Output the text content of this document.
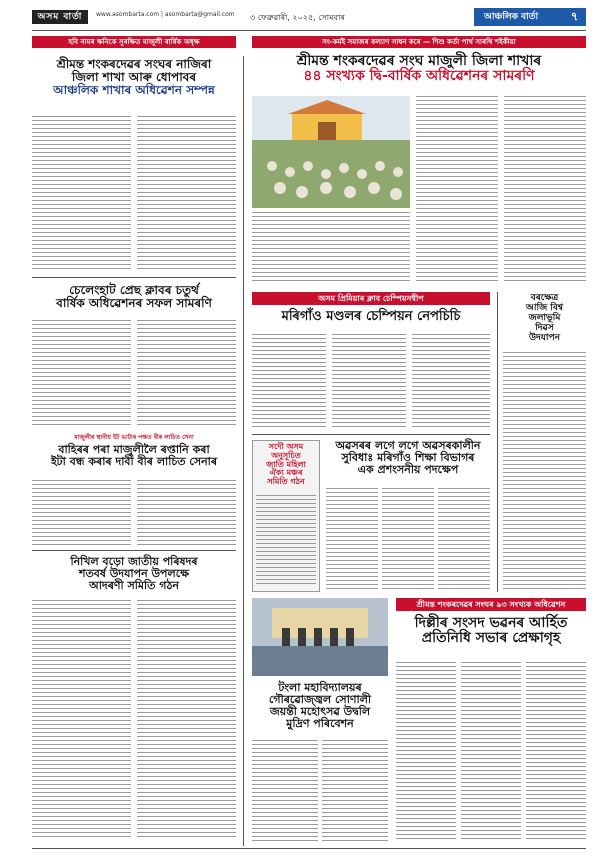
অসম বাৰ্তা	www.asombarta.com | asombarta@gmail.com ৩ ফেব্ৰুৱাৰী, ২০২৫, সোমবাৰ	আঞ্চলিক বাৰ্তা	৭
হবি নামৰ ক্ষনিকে সুৰক্ষিত মাজুলী ৰাৰ্ষিক অধৃক্ষ	সং-কৰ্মই সমাজৰ কল্যাণ সাধন কৰে — শিশু কৰ্তা পাৰ্থ সাৰথি শইকীয়া
শ্ৰীমন্ত শংকৰদেৱৰ সংঘৰ নাজিৰা
জিলা শাখা আৰু ধোপাবৰ
আঞ্চলিক শাখাৰ অধিৱেশন সম্পন্ন
চেলেংহাট প্ৰেছ ক্লাবৰ চতুৰ্থ
বাৰ্ষিক অধিৱেশনৰ সফল সামৰণি
মাজুলীৰ স্থানীয় ইট ভাটাৰ পক্ষত বীৰ লাচিত সেনা
বাহিৰৰ পৰা মাজুলীলৈ ৰপ্তানি কৰা
ইটা বন্ধ কৰাৰ দাবী বীৰ লাচিত সেনাৰ
নিখিল বড়ো জাতীয় পৰিষদৰ
শতবৰ্ষ উদযাপন উপলক্ষে
আদৰণী সমিতি গঠন
শ্ৰীমন্ত শংকৰদেৱৰ সংঘ মাজুলী জিলা শাখাৰ
৪৪ সংখ্যক দ্বি-বাৰ্ষিক অধিৱেশনৰ সামৰণি
অসম প্ৰিমিয়াৰ ক্লাব চেম্পিয়নশ্বীপ
মৰিগাঁও মণ্ডলৰ চেম্পিয়ন নেপচিচি
বৰক্ষেত্ৰ
আজি বিশ্ব
জলাভূমি
দিৱস
উদযাপন
অৱসৰৰ লগে লগে অৱসৰকালীন
সুবিধাঃ মৰিগাঁও শিক্ষা বিভাগৰ
এক প্ৰশংসনীয় পদক্ষেপ
সদৌ অসম
অনুসূচিত
জাতি মহিলা
ঐক্য মঞ্চৰ
সমিতি গঠন
শ্ৰীমন্ত শংকৰদেৱৰ সংঘৰ ৯৩ সংখ্যক অধিৱেশন
দিল্লীৰ সংসদ ভৱনৰ আৰ্হিত
প্ৰতিনিধি সভাৰ প্ৰেক্ষাগৃহ
টংলা মহাবিদ্যালয়ৰ
গৌৰৱোজ্জ্বল সোণালী
জয়ন্তী মহোৎসৱ উদ্বলি
মুদ্ৰিণ পৰিবেশন
